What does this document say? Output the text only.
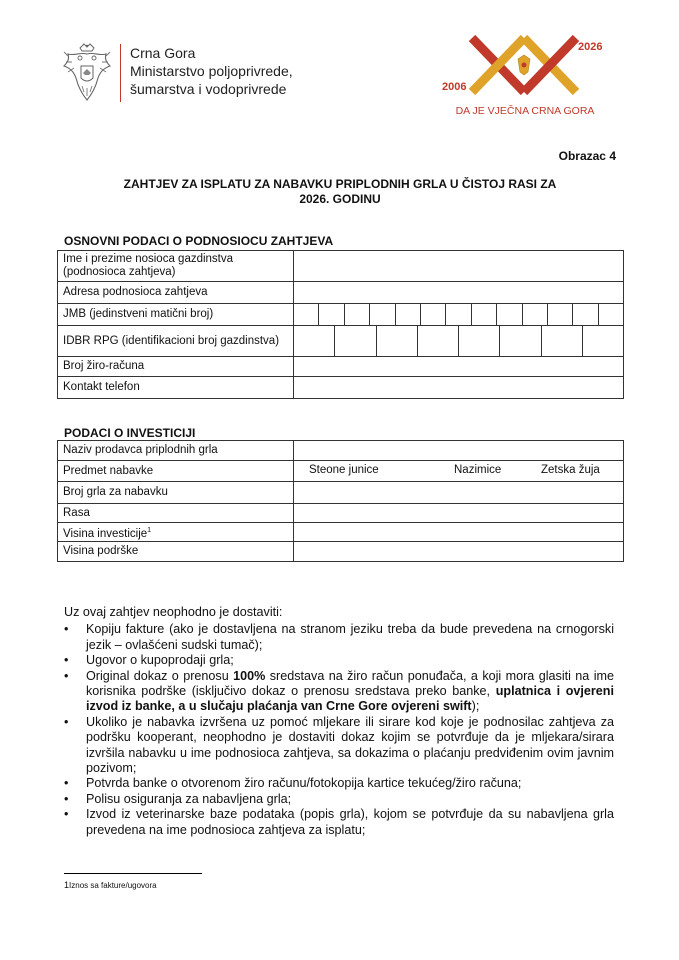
Crna Gora
Ministarstvo poljoprivrede,
šumarstva i vodoprivrede	2006
2026
DA JE VJEČNA CRNA GORA
Obrazac 4
ZAHTJEV ZA ISPLATU ZA NABAVKU PRIPLODNIH GRLA U ČISTOJ RASI ZA
2026. GODINU
OSNOVNI PODACI O PODNOSIOCU ZAHTJEVA
Ime i prezime nosioca gazdinstva (podnosioca zahtjeva)	
Adresa podnosioca zahtjeva	
JMB (jedinstveni matični broj)	

IDBR RPG (identifikacioni broj gazdinstva)	

Broj žiro-računa	
Kontakt telefon	
PODACI O INVESTICIJI
Naziv prodavca priplodnih grla	
Predmet nabavke	Steone junice Nazimice Zetska žuja

Broj grla za nabavku	
Rasa	
Visina investicije$^1$	
Visina podrške	
Uz ovaj zahtjev neophodno je dostaviti:
• Kopiju fakture (ako je dostavljena na stranom jeziku treba da bude prevedena na crnogorski jezik – ovlašćeni sudski tumač);
• Ugovor o kupoprodaji grla;
• Original dokaz o prenosu 100% sredstava na žiro račun ponuđača, a koji mora glasiti na ime korisnika podrške (isključivo dokaz o prenosu sredstava preko banke, uplatnica i ovjereni izvod iz banke, a u slučaju plaćanja van Crne Gore ovjereni swift);
• Ukoliko je nabavka izvršena uz pomoć mljekare ili sirare kod koje je podnosilac zahtjeva za podršku kooperant, neophodno je dostaviti dokaz kojim se potvrđuje da je mljekara/sirara izvršila nabavku u ime podnosioca zahtjeva, sa dokazima o plaćanju predviđenim ovim javnim pozivom;
• Potvrda banke o otvorenom žiro računu/fotokopija kartice tekućeg/žiro računa;
• Polisu osiguranja za nabavljena grla;
• Izvod iz veterinarske baze podataka (popis grla), kojom se potvrđuje da su nabavljena grla prevedena na ime podnosioca zahtjeva za isplatu;
1Iznos sa fakture/ugovora
